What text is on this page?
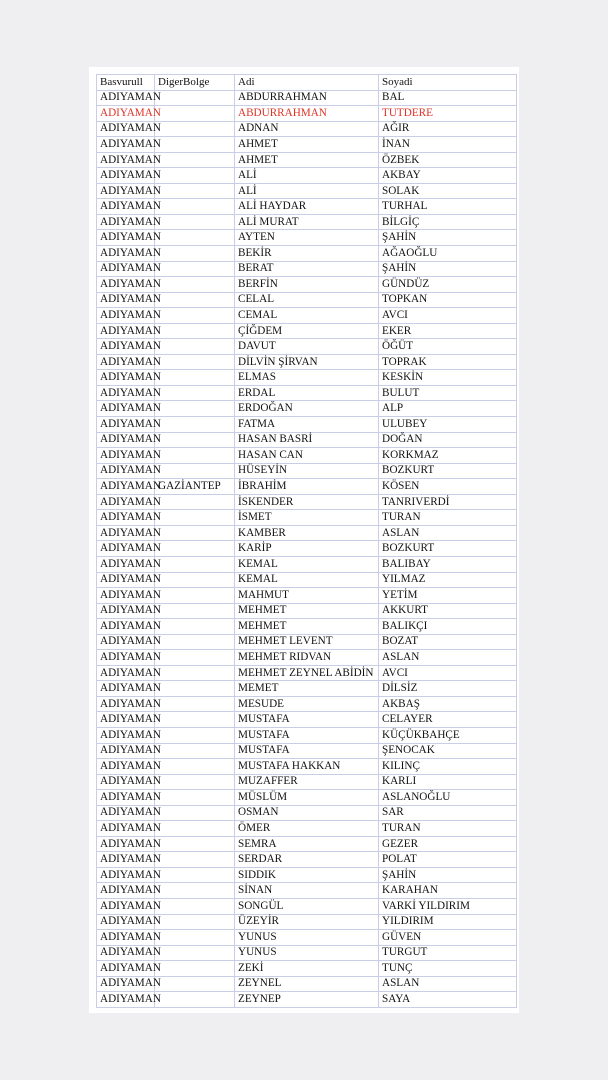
Basvurull	DigerBolge	Adi	Soyadi
ADIYAMAN		ABDURRAHMAN	BAL
ADIYAMAN		ABDURRAHMAN	TUTDERE
ADIYAMAN		ADNAN	AĞIR
ADIYAMAN		AHMET	İNAN
ADIYAMAN		AHMET	ÖZBEK
ADIYAMAN		ALİ	AKBAY
ADIYAMAN		ALİ	SOLAK
ADIYAMAN		ALİ HAYDAR	TURHAL
ADIYAMAN		ALİ MURAT	BİLGİÇ
ADIYAMAN		AYTEN	ŞAHİN
ADIYAMAN		BEKİR	AĞAOĞLU
ADIYAMAN		BERAT	ŞAHİN
ADIYAMAN		BERFİN	GÜNDÜZ
ADIYAMAN		CELAL	TOPKAN
ADIYAMAN		CEMAL	AVCI
ADIYAMAN		ÇİĞDEM	EKER
ADIYAMAN		DAVUT	ÖĞÜT
ADIYAMAN		DİLVİN ŞİRVAN	TOPRAK
ADIYAMAN		ELMAS	KESKİN
ADIYAMAN		ERDAL	BULUT
ADIYAMAN		ERDOĞAN	ALP
ADIYAMAN		FATMA	ULUBEY
ADIYAMAN		HASAN BASRİ	DOĞAN
ADIYAMAN		HASAN CAN	KORKMAZ
ADIYAMAN		HÜSEYİN	BOZKURT
ADIYAMAN	GAZİANTEP	İBRAHİM	KÖSEN
ADIYAMAN		İSKENDER	TANRIVERDİ
ADIYAMAN		İSMET	TURAN
ADIYAMAN		KAMBER	ASLAN
ADIYAMAN		KARİP	BOZKURT
ADIYAMAN		KEMAL	BALIBAY
ADIYAMAN		KEMAL	YILMAZ
ADIYAMAN		MAHMUT	YETİM
ADIYAMAN		MEHMET	AKKURT
ADIYAMAN		MEHMET	BALIKÇI
ADIYAMAN		MEHMET LEVENT	BOZAT
ADIYAMAN		MEHMET RIDVAN	ASLAN
ADIYAMAN		MEHMET ZEYNEL ABİDİN	AVCI
ADIYAMAN		MEMET	DİLSİZ
ADIYAMAN		MESUDE	AKBAŞ
ADIYAMAN		MUSTAFA	CELAYER
ADIYAMAN		MUSTAFA	KÜÇÜKBAHÇE
ADIYAMAN		MUSTAFA	ŞENOCAK
ADIYAMAN		MUSTAFA HAKKAN	KILINÇ
ADIYAMAN		MUZAFFER	KARLI
ADIYAMAN		MÜSLÜM	ASLANOĞLU
ADIYAMAN		OSMAN	SAR
ADIYAMAN		ÖMER	TURAN
ADIYAMAN		SEMRA	GEZER
ADIYAMAN		SERDAR	POLAT
ADIYAMAN		SIDDIK	ŞAHİN
ADIYAMAN		SİNAN	KARAHAN
ADIYAMAN		SONGÜL	VARKİ YILDIRIM
ADIYAMAN		ÜZEYİR	YILDIRIM
ADIYAMAN		YUNUS	GÜVEN
ADIYAMAN		YUNUS	TURGUT
ADIYAMAN		ZEKİ	TUNÇ
ADIYAMAN		ZEYNEL	ASLAN
ADIYAMAN		ZEYNEP	SAYA
